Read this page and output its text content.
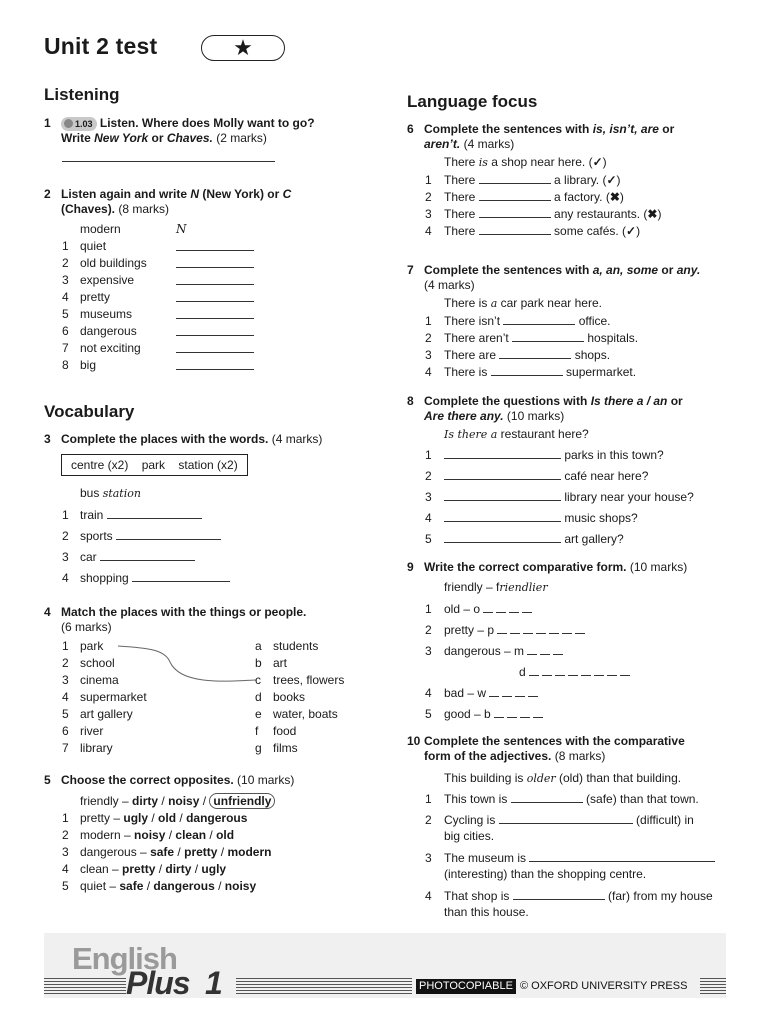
Unit 2 test	★
Listening
1	1.03 Listen. Where does Molly want to go?
Write New York or Chaves. (2 marks)
2 Listen again and write N (New York) or C
(Chaves). (8 marks)
modern	N
Vocabulary
3 Complete the places with the words. (4 marks)
centre (x2)    park    station (x2)
bus station
4 Match the places with the things or people.
(6 marks)
5 Choose the correct opposites. (10 marks)
friendly – dirty / noisy / unfriendly
Language focus
6 Complete the sentences with is, isn’t, are or
aren’t. (4 marks)
There is a shop near here. (✓)
7 Complete the sentences with a, an, some or any.
(4 marks)
There is a car park near here.
8 Complete the questions with Is there a / an or
Are there any. (10 marks)
Is there a restaurant here?
9 Write the correct comparative form. (10 marks)
friendly – friendlier
10 Complete the sentences with the comparative
form of the adjectives. (8 marks)
This building is older (old) than that building.
English
Plus 1	PHOTOCOPIABLE © OXFORD UNIVERSITY PRESS
1 quiet
2 old buildings
3 expensive
4 pretty
5 museums
6 dangerous
7 not exciting
8 big
1 train
2 sports
3 car
4 shopping
1 park	a students
2 school	b art
3 cinema	c trees, flowers
4 supermarket	d books
5 art gallery	e water, boats
6 river	f food
7 library	g films
1 pretty – ugly / old / dangerous
2 modern – noisy / clean / old
3 dangerous – safe / pretty / modern
4 clean – pretty / dirty / ugly
5 quiet – safe / dangerous / noisy
1 There	a library. (✓)
2 There	a factory. (✖)
3 There	any restaurants. (✖)
4 There	some cafés. (✓)
1 There isn’t	office.
2 There aren’t	hospitals.
3 There are	shops.
4 There is	supermarket.
1	parks in this town?
2	café near here?
3	library near your house?
4	music shops?
5	art gallery?
1 old – o
2 pretty – p
3 dangerous – m
d
4 bad – w
5 good – b
1 This town is	(safe) than that town.
2 Cycling is	(difficult) in
big cities.
3 The museum is
(interesting) than the shopping centre.
4 That shop is	(far) from my house
than this house.
